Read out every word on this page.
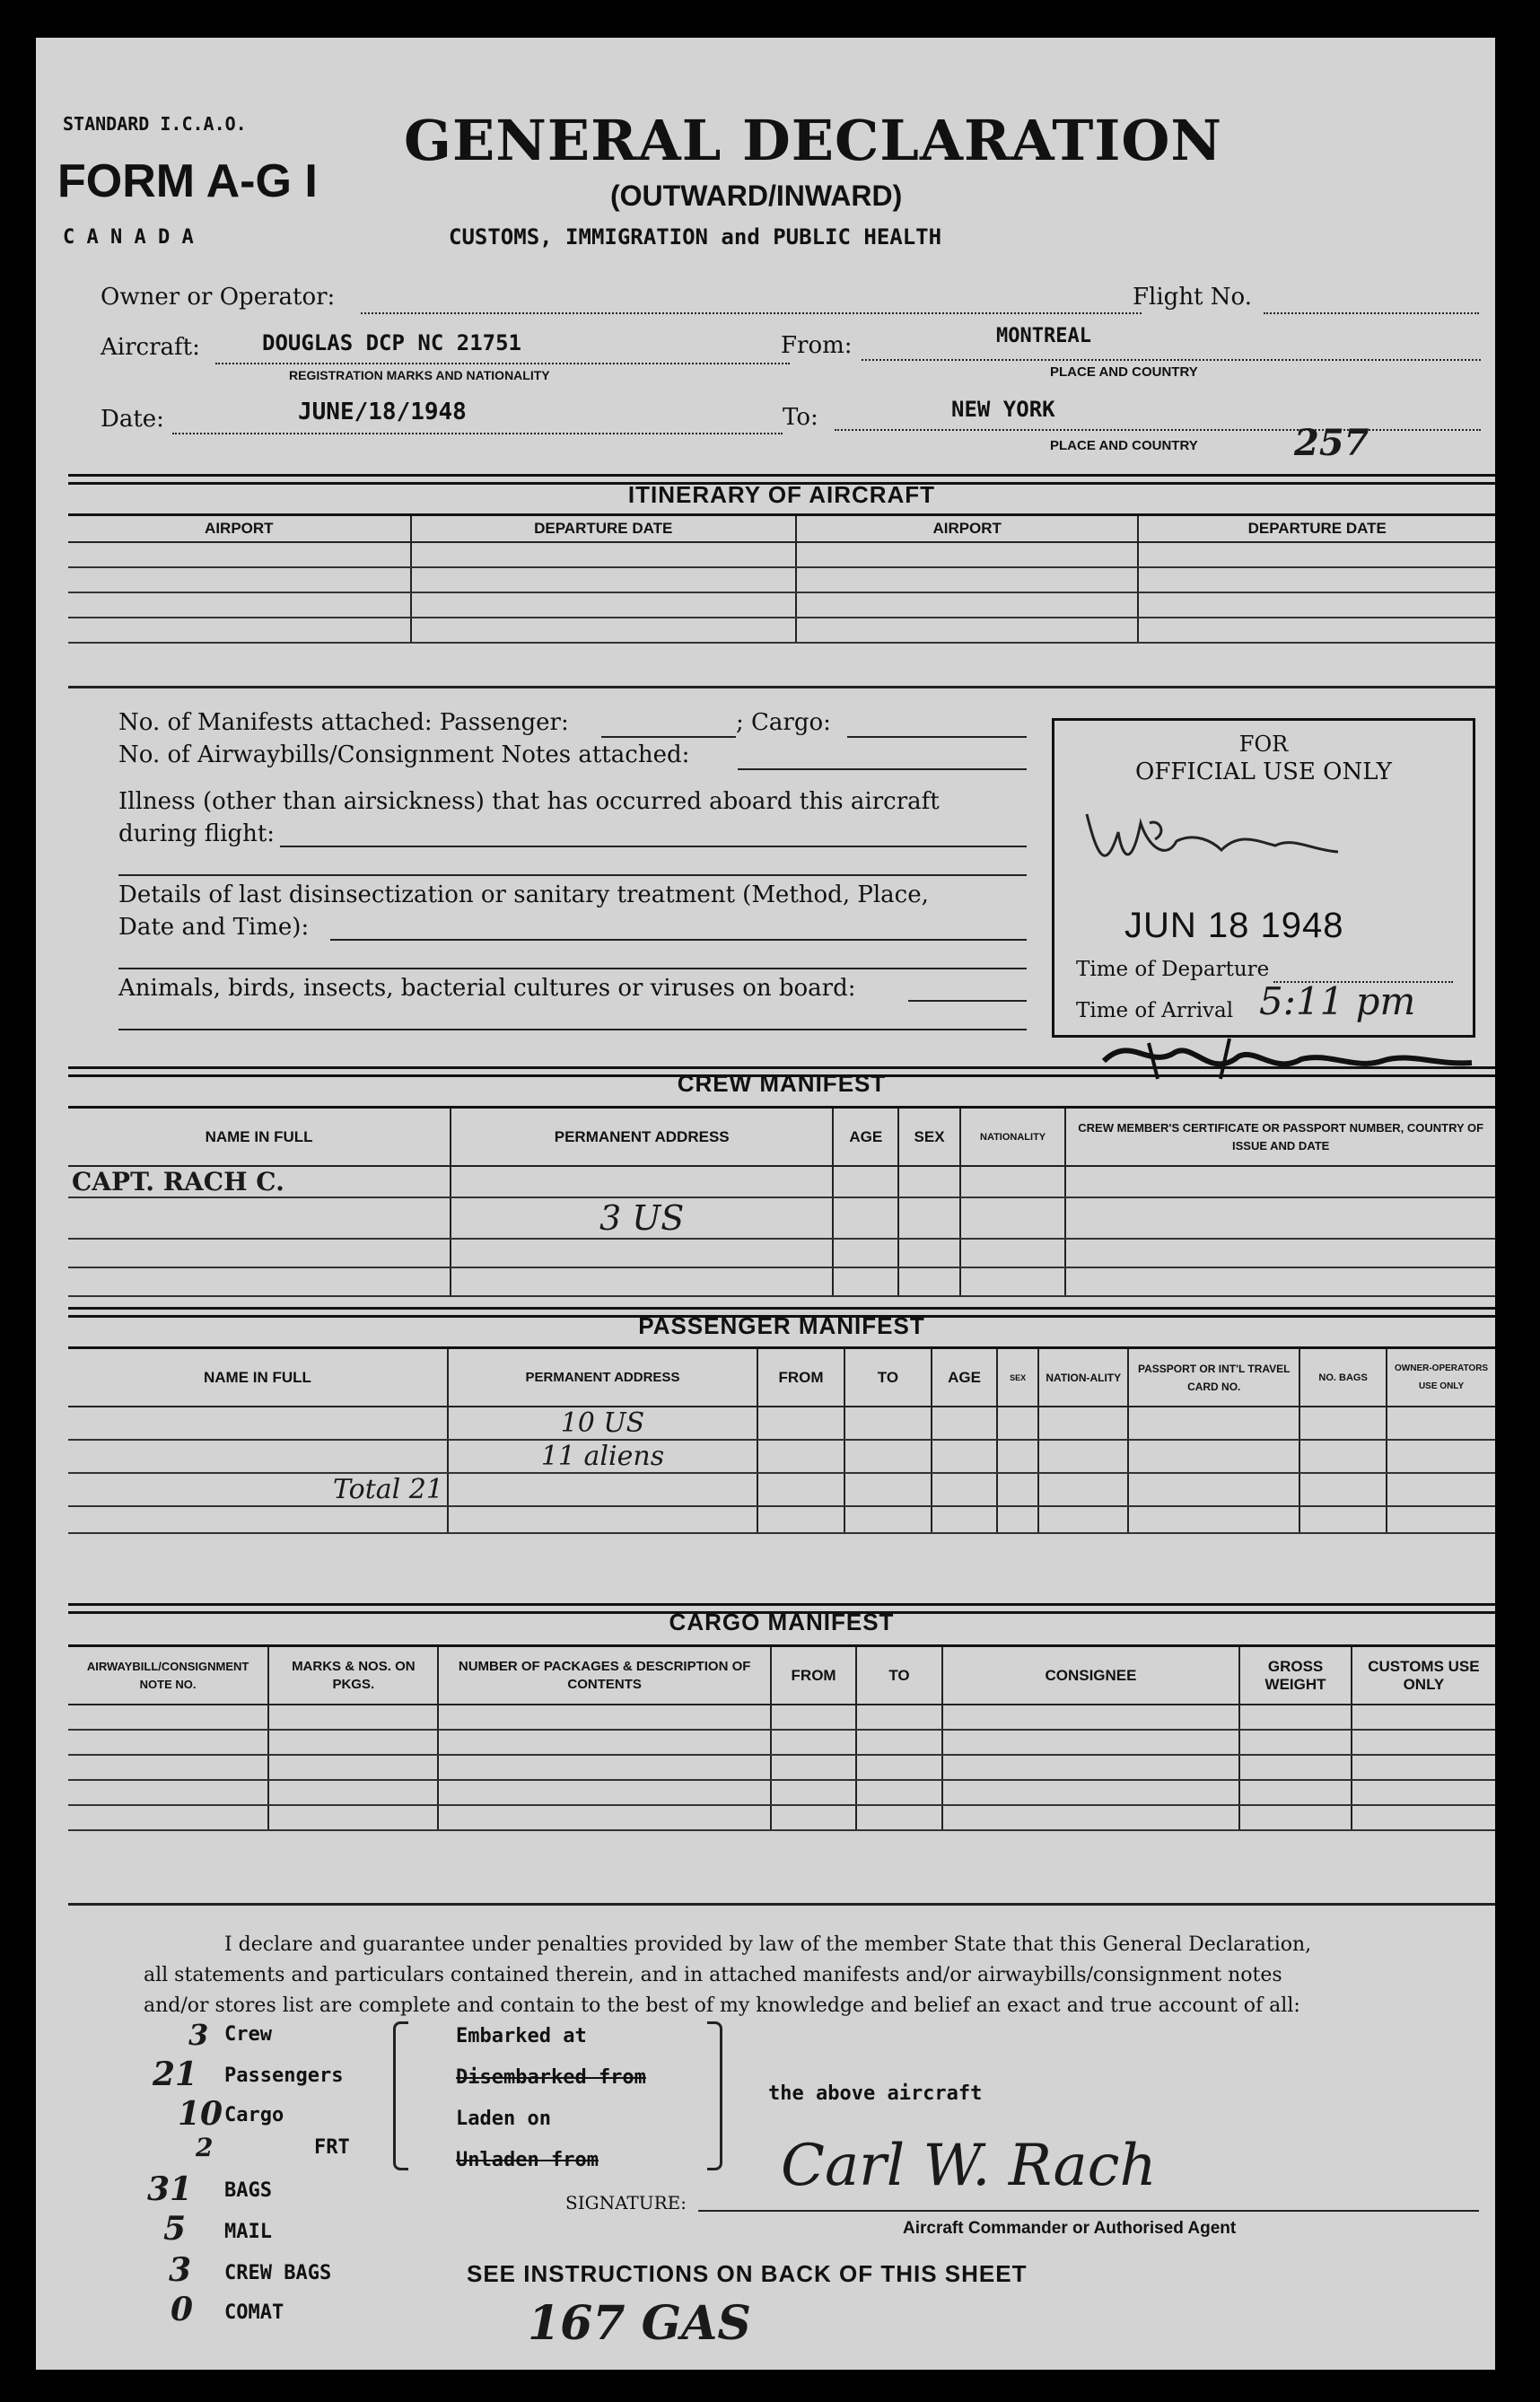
STANDARD I.C.A.O.
FORM A-G I
C A N A D A
GENERAL DECLARATION
(OUTWARD/INWARD)
CUSTOMS, IMMIGRATION and PUBLIC HEALTH
Owner or Operator:	Flight No.
Aircraft:	DOUGLAS DCP NC 21751
REGISTRATION MARKS AND NATIONALITY
From:	MONTREAL
PLACE AND COUNTRY
Date:	JUNE/18/1948	To:	NEW YORK
PLACE AND COUNTRY	257
ITINERARY OF AIRCRAFT
AIRPORT	DEPARTURE DATE	AIRPORT	DEPARTURE DATE

No. of Manifests attached: Passenger:	; Cargo:
No. of Airwaybills/Consignment Notes attached:
Illness (other than airsickness) that has occurred aboard this aircraft
during flight:
Details of last disinsectization or sanitary treatment (Method, Place,
Date and Time):
Animals, birds, insects, bacterial cultures or viruses on board:
FOR
OFFICIAL USE ONLY
JUN 18 1948
Time of Departure
Time of Arrival 5:11 pm
CREW MANIFEST
NAME IN FULL	PERMANENT ADDRESS	AGE	SEX	NATIONALITY	CREW MEMBER'S CERTIFICATE OR PASSPORT NUMBER, COUNTRY OF ISSUE AND DATE
CAPT. RACH C.					
	3 US				

PASSENGER MANIFEST
NAME IN FULL	PERMANENT ADDRESS	FROM	TO	AGE	SEX	NATION-ALITY	PASSPORT OR INT'L TRAVEL CARD NO.	NO. BAGS	OWNER-OPERATORS USE ONLY
	10 US								
	11 aliens								
Total 21									

CARGO MANIFEST
AIRWAYBILL/CONSIGNMENT NOTE NO.	MARKS & NOS. ON PKGS.	NUMBER OF PACKAGES & DESCRIPTION OF CONTENTS	FROM	TO	CONSIGNEE	GROSS WEIGHT	CUSTOMS USE ONLY

I declare and guarantee under penalties provided by law of the member State that this General Declaration,
all statements and particulars contained therein, and in attached manifests and/or airwaybills/consignment notes
and/or stores list are complete and contain to the best of my knowledge and belief an exact and true account of all:
3 Crew
21 Passengers
10 Cargo
2	FRT
31 BAGS
5 MAIL
3 CREW BAGS
0 COMAT
Embarked at
Disembarked from
Laden on
Unladen from
the above aircraft
SIGNATURE:
Carl W. Rach
Aircraft Commander or Authorised Agent
SEE INSTRUCTIONS ON BACK OF THIS SHEET
167 GAS
